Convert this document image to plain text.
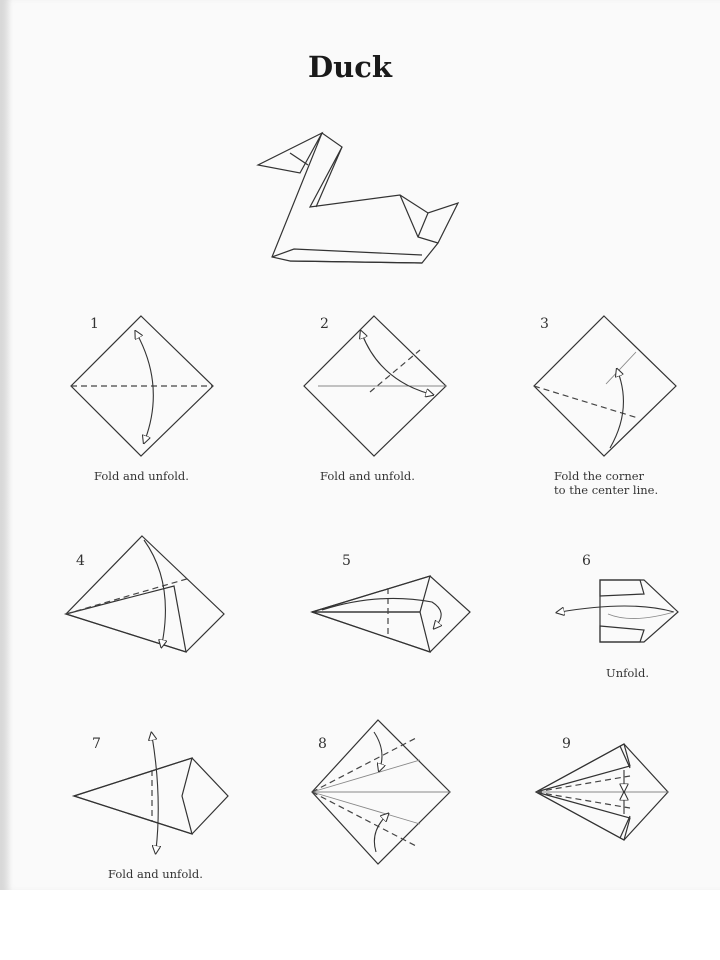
Duck
1
Fold and unfold.
2
Fold and unfold.
3
Fold the corner
to the center line.
4	5	6
Unfold.
7
Fold and unfold.
8	9
